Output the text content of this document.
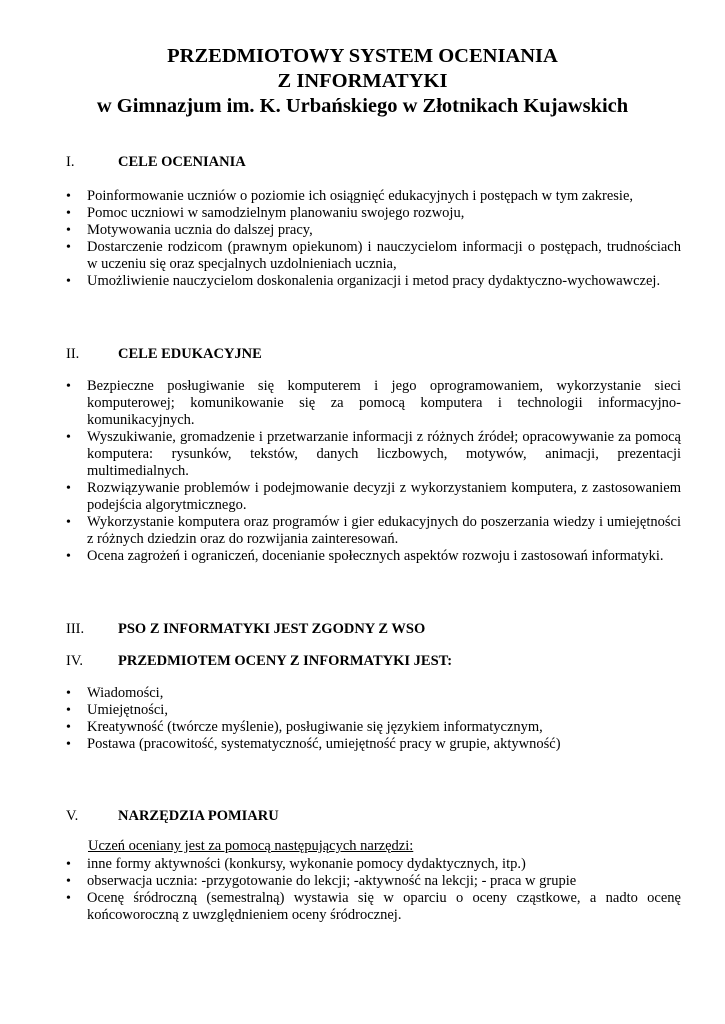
PRZEDMIOTOWY SYSTEM OCENIANIA
Z INFORMATYKI
w Gimnazjum im. K. Urbańskiego w Złotnikach Kujawskich
I.	CELE OCENIANIA
• Poinformowanie uczniów o poziomie ich osiągnięć edukacyjnych i postępach w tym zakresie,
• Pomoc uczniowi w samodzielnym planowaniu swojego rozwoju,
• Motywowania ucznia do dalszej pracy,
• Dostarczenie rodzicom (prawnym opiekunom) i nauczycielom informacji o postępach, trudnościach w uczeniu się oraz specjalnych uzdolnieniach ucznia,
• Umożliwienie nauczycielom doskonalenia organizacji i metod pracy dydaktyczno-wychowawczej.
II.	CELE EDUKACYJNE
• Bezpieczne posługiwanie się komputerem i jego oprogramowaniem, wykorzystanie sieci komputerowej; komunikowanie się za pomocą komputera i technologii informacyjno-komunikacyjnych.
• Wyszukiwanie, gromadzenie i przetwarzanie informacji z różnych źródeł; opracowywanie za pomocą komputera: rysunków, tekstów, danych liczbowych, motywów, animacji, prezentacji multimedialnych.
• Rozwiązywanie problemów i podejmowanie decyzji z wykorzystaniem komputera, z zastosowaniem podejścia algorytmicznego.
• Wykorzystanie komputera oraz programów i gier edukacyjnych do poszerzania wiedzy i umiejętności z różnych dziedzin oraz do rozwijania zainteresowań.
• Ocena zagrożeń i ograniczeń, docenianie społecznych aspektów rozwoju i zastosowań informatyki.
III.	PSO Z INFORMATYKI JEST ZGODNY Z WSO
IV.	PRZEDMIOTEM OCENY Z INFORMATYKI JEST:
• Wiadomości,
• Umiejętności,
• Kreatywność (twórcze myślenie), posługiwanie się językiem informatycznym,
• Postawa (pracowitość, systematyczność, umiejętność pracy w grupie, aktywność)
V.	NARZĘDZIA POMIARU
Uczeń oceniany jest za pomocą następujących narzędzi:
• inne formy aktywności (konkursy, wykonanie pomocy dydaktycznych, itp.)
• obserwacja ucznia: -przygotowanie do lekcji; -aktywność na lekcji; - praca w grupie
• Ocenę śródroczną (semestralną) wystawia się w oparciu o oceny cząstkowe, a nadto ocenę końcoworoczną z uwzględnieniem oceny śródrocznej.
